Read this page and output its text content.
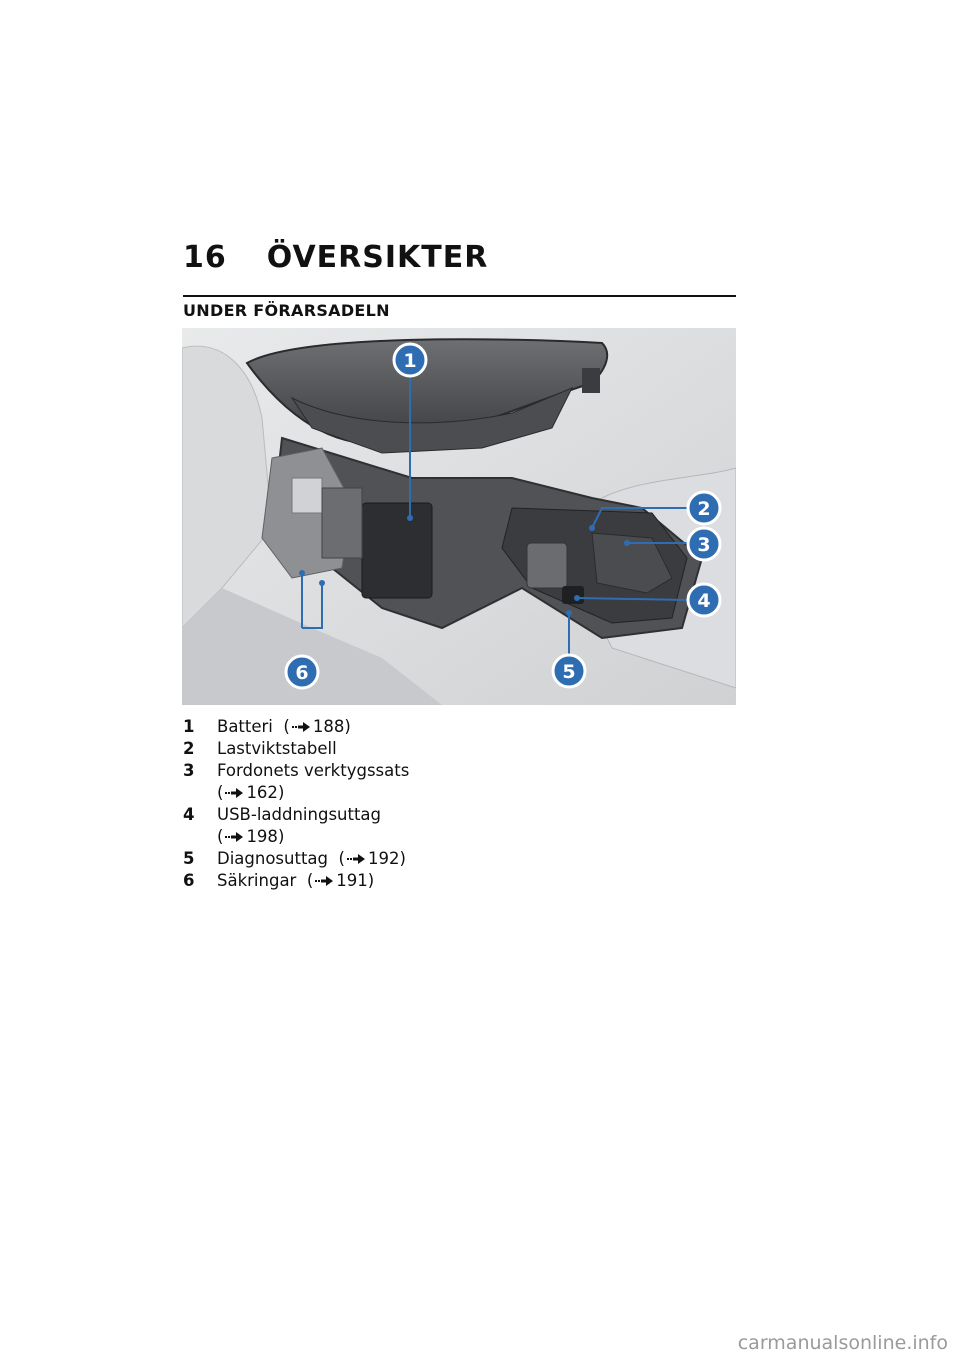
16 ÖVERSIKTER
UNDER FÖRARSADELN
1
2
3
4
5
6
1	Batteri  ( 188)
2	Lastviktstabell
3	Fordonets verktygssats
( 162)
4	USB-laddningsuttag
( 198)
5	Diagnosuttag  ( 192)
6	Säkringar  ( 191)
carmanualsonline.info
